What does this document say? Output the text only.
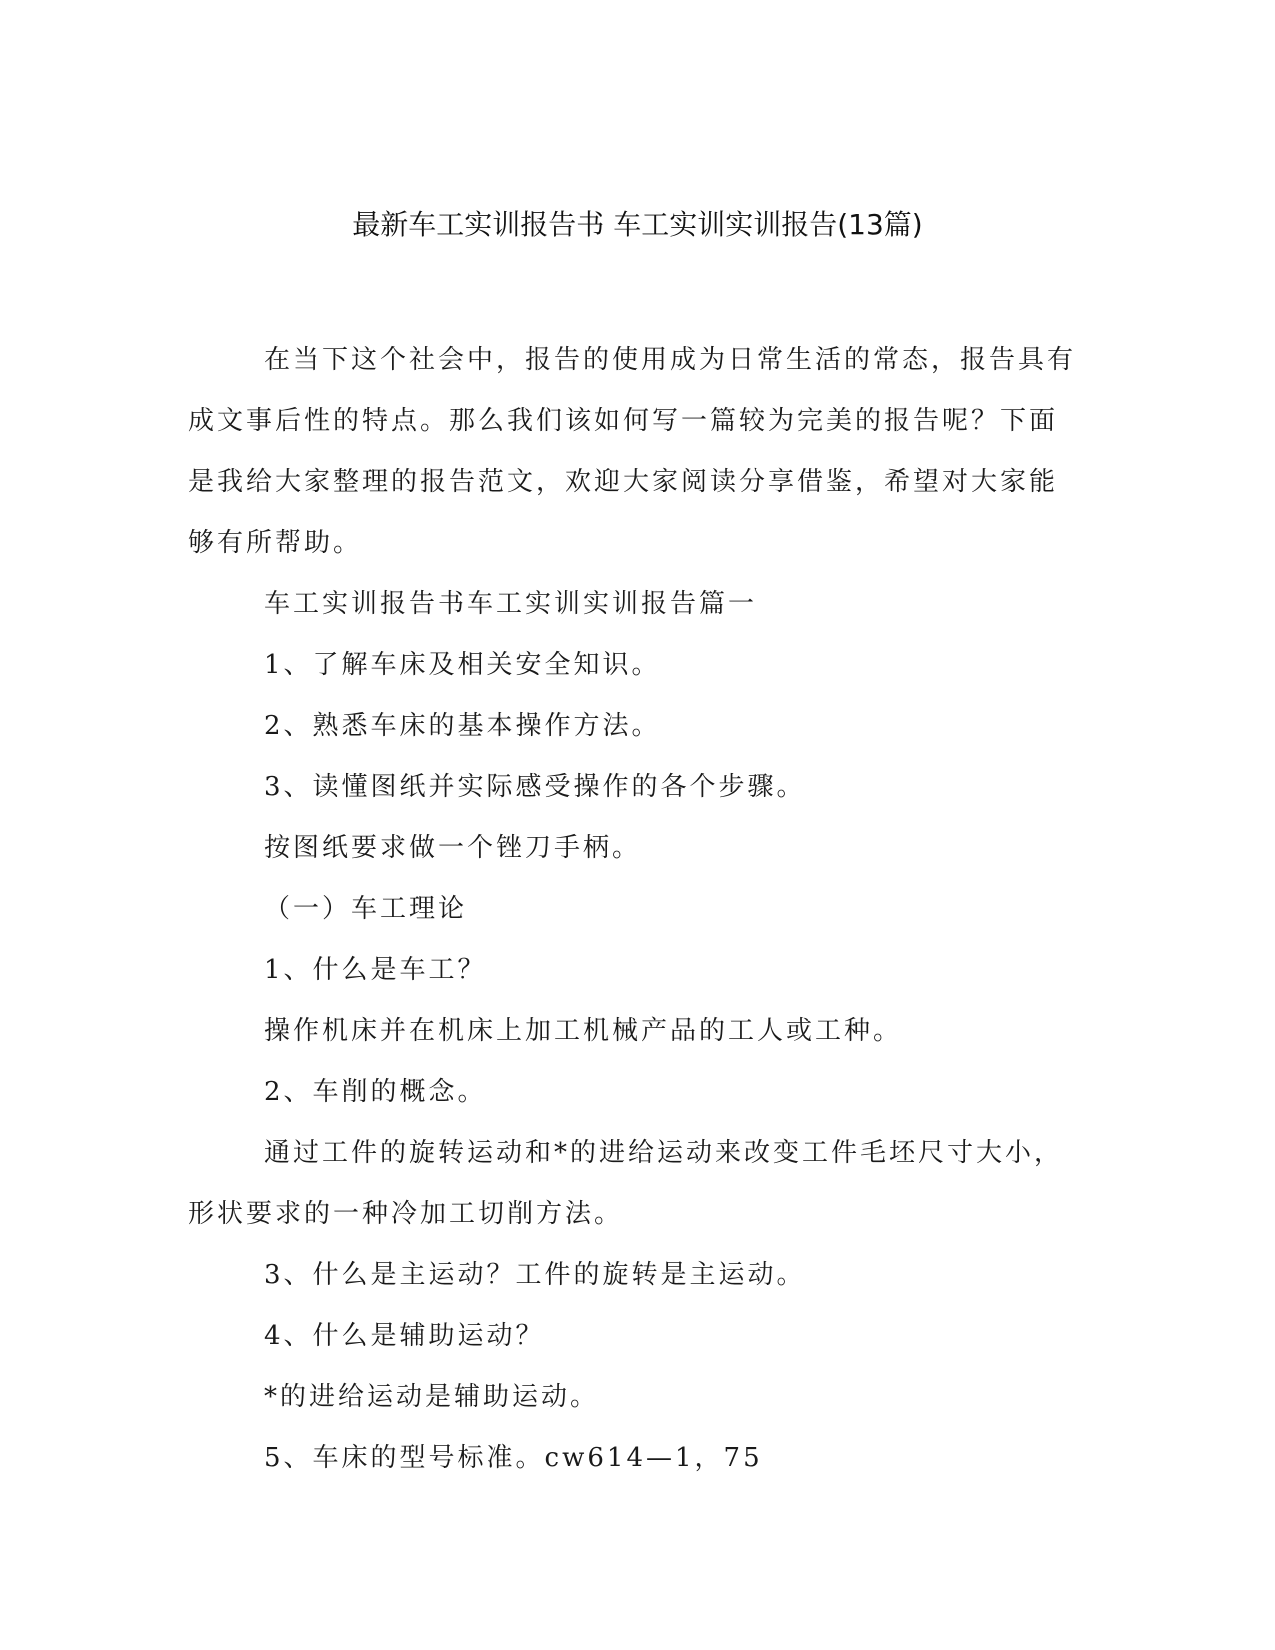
最新车工实训报告书 车工实训实训报告(13篇)

在当下这个社会中，报告的使用成为日常生活的常态，报告具有

成文事后性的特点。那么我们该如何写一篇较为完美的报告呢？下面

是我给大家整理的报告范文，欢迎大家阅读分享借鉴，希望对大家能

够有所帮助。

车工实训报告书车工实训实训报告篇一

1、了解车床及相关安全知识。

2、熟悉车床的基本操作方法。

3、读懂图纸并实际感受操作的各个步骤。

按图纸要求做一个锉刀手柄。

（一）车工理论

1、什么是车工？

操作机床并在机床上加工机械产品的工人或工种。

2、车削的概念。

通过工件的旋转运动和*的进给运动来改变工件毛坯尺寸大小，

形状要求的一种冷加工切削方法。

3、什么是主运动？工件的旋转是主运动。

4、什么是辅助运动？

*的进给运动是辅助运动。

5、车床的型号标准。cw614—1，75
